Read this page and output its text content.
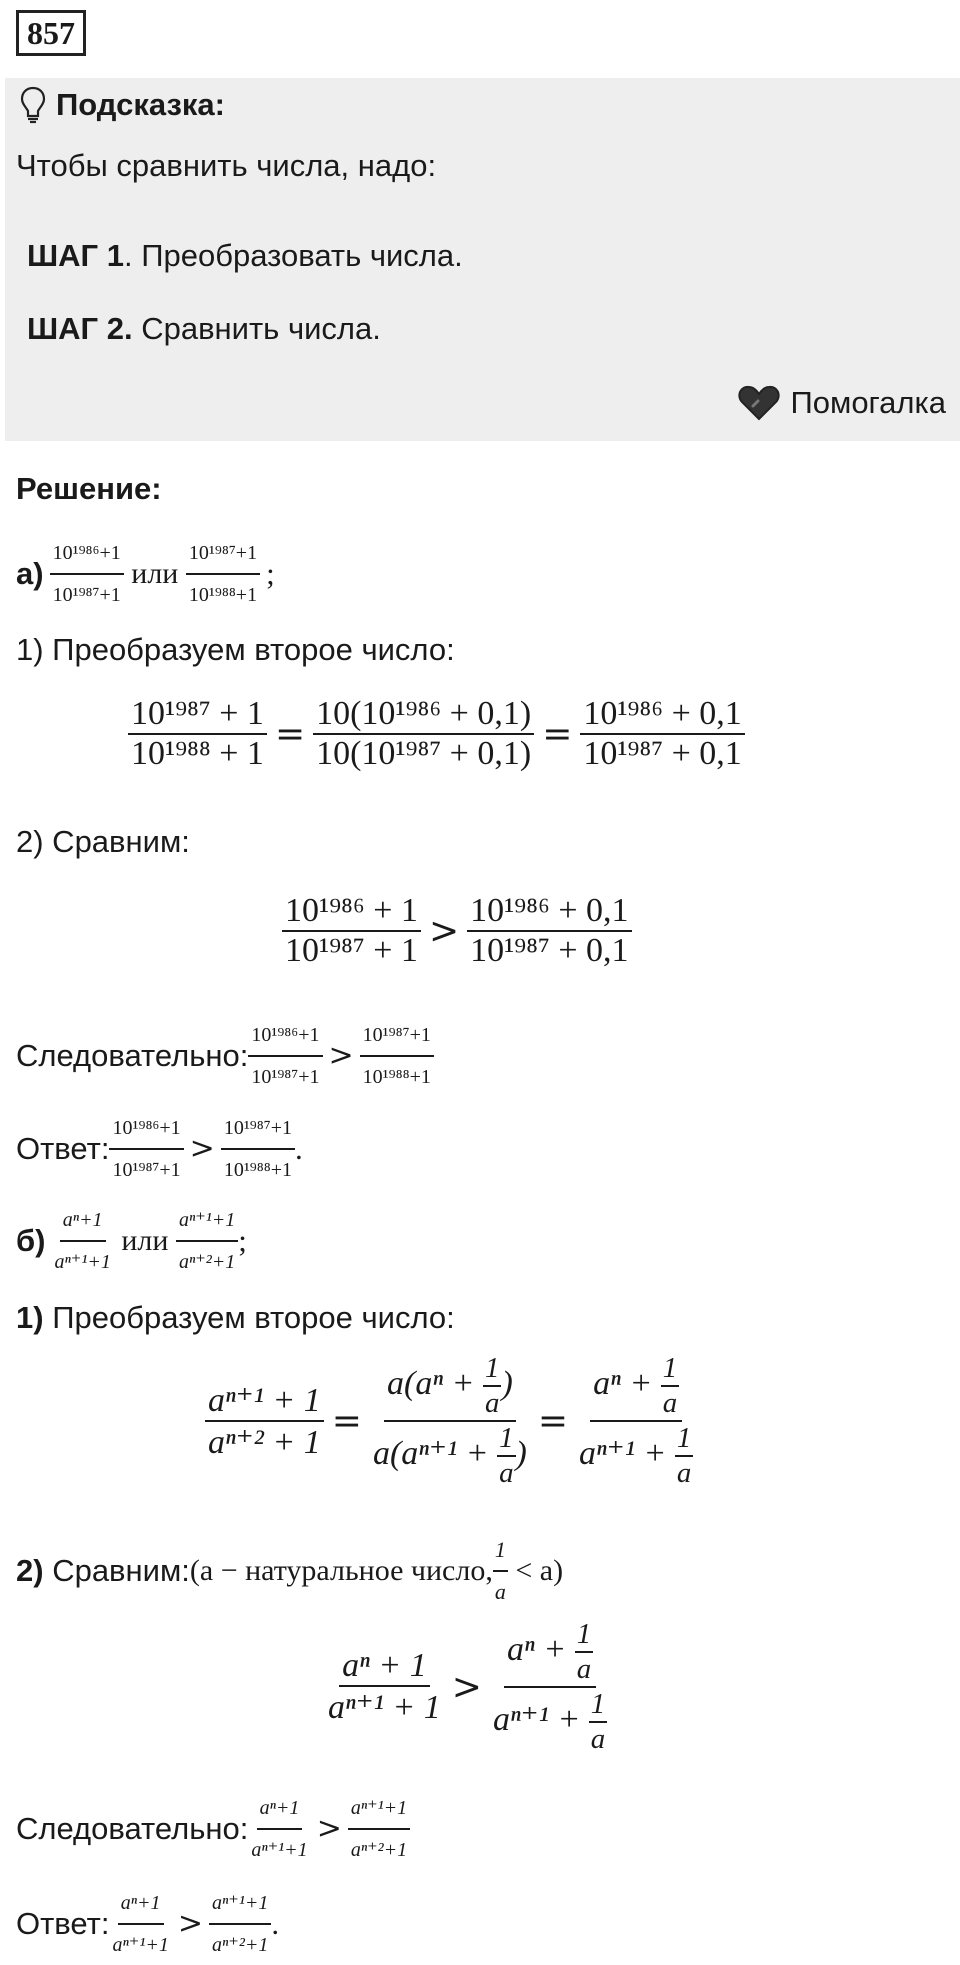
857
Подсказка:
Чтобы сравнить числа, надо:
ШАГ 1. Преобразовать числа.
ШАГ 2. Сравнить числа.
Помогалка
Решение:
$а) \frac{\text{10¹⁹⁸⁶+1}}{\text{10¹⁹⁸⁷+1}}$ или $\frac{\text{10¹⁹⁸⁷+1}}{\text{10¹⁹⁸⁸+1}}$ ;
1) Преобразуем второе число:
$\frac{\text{10¹⁹⁸⁷ + 1}}{\text{10¹⁹⁸⁸ + 1}} = \frac{\text{10(10¹⁹⁸⁶ + 0,1)}}{\text{10(10¹⁹⁸⁷ + 0,1)}} = \frac{\text{10¹⁹⁸⁶ + 0,1}}{\text{10¹⁹⁸⁷ + 0,1}}$
2) Сравним:
$\frac{\text{10¹⁹⁸⁶ + 1}}{\text{10¹⁹⁸⁷ + 1}} > \frac{\text{10¹⁹⁸⁶ + 0,1}}{\text{10¹⁹⁸⁷ + 0,1}}$
Следовательно: $\frac{\text{10¹⁹⁸⁶+1}}{\text{10¹⁹⁸⁷+1}} > \frac{\text{10¹⁹⁸⁷+1}}{\text{10¹⁹⁸⁸+1}}$
Ответ: $\frac{\text{10¹⁹⁸⁶+1}}{\text{10¹⁹⁸⁷+1}} > \frac{\text{10¹⁹⁸⁷+1}}{\text{10¹⁹⁸⁸+1}}$ .
$б) \frac{\text{aⁿ+1}}{\text{aⁿ⁺¹+1}}$ или $\frac{\text{aⁿ⁺¹+1}}{\text{aⁿ⁺²+1}}$ ;
1) Преобразуем второе число:
$\frac{\text{aⁿ⁺¹ + 1}}{\text{aⁿ⁺² + 1}} = \frac{a(a^n + \frac{1}{a} )}{a(a^{n+1} + \frac{1}{a} )} = \frac{a^n + \frac{1}{a}}{a^{n+1} + \frac{1}{a}}$
2) Сравним: (a − натуральное число, $\frac{1}{a} < a$)
$\frac{\text{aⁿ + 1}}{\text{aⁿ⁺¹ + 1}} > \frac{a^n + \frac{1}{a}}{a^{n+1} + \frac{1}{a}}$
Следовательно: $\frac{\text{aⁿ+1}}{\text{aⁿ⁺¹+1}} > \frac{\text{aⁿ⁺¹+1}}{\text{aⁿ⁺²+1}}$
Ответ: $\frac{\text{aⁿ+1}}{\text{aⁿ⁺¹+1}} > \frac{\text{aⁿ⁺¹+1}}{\text{aⁿ⁺²+1}}$ .
